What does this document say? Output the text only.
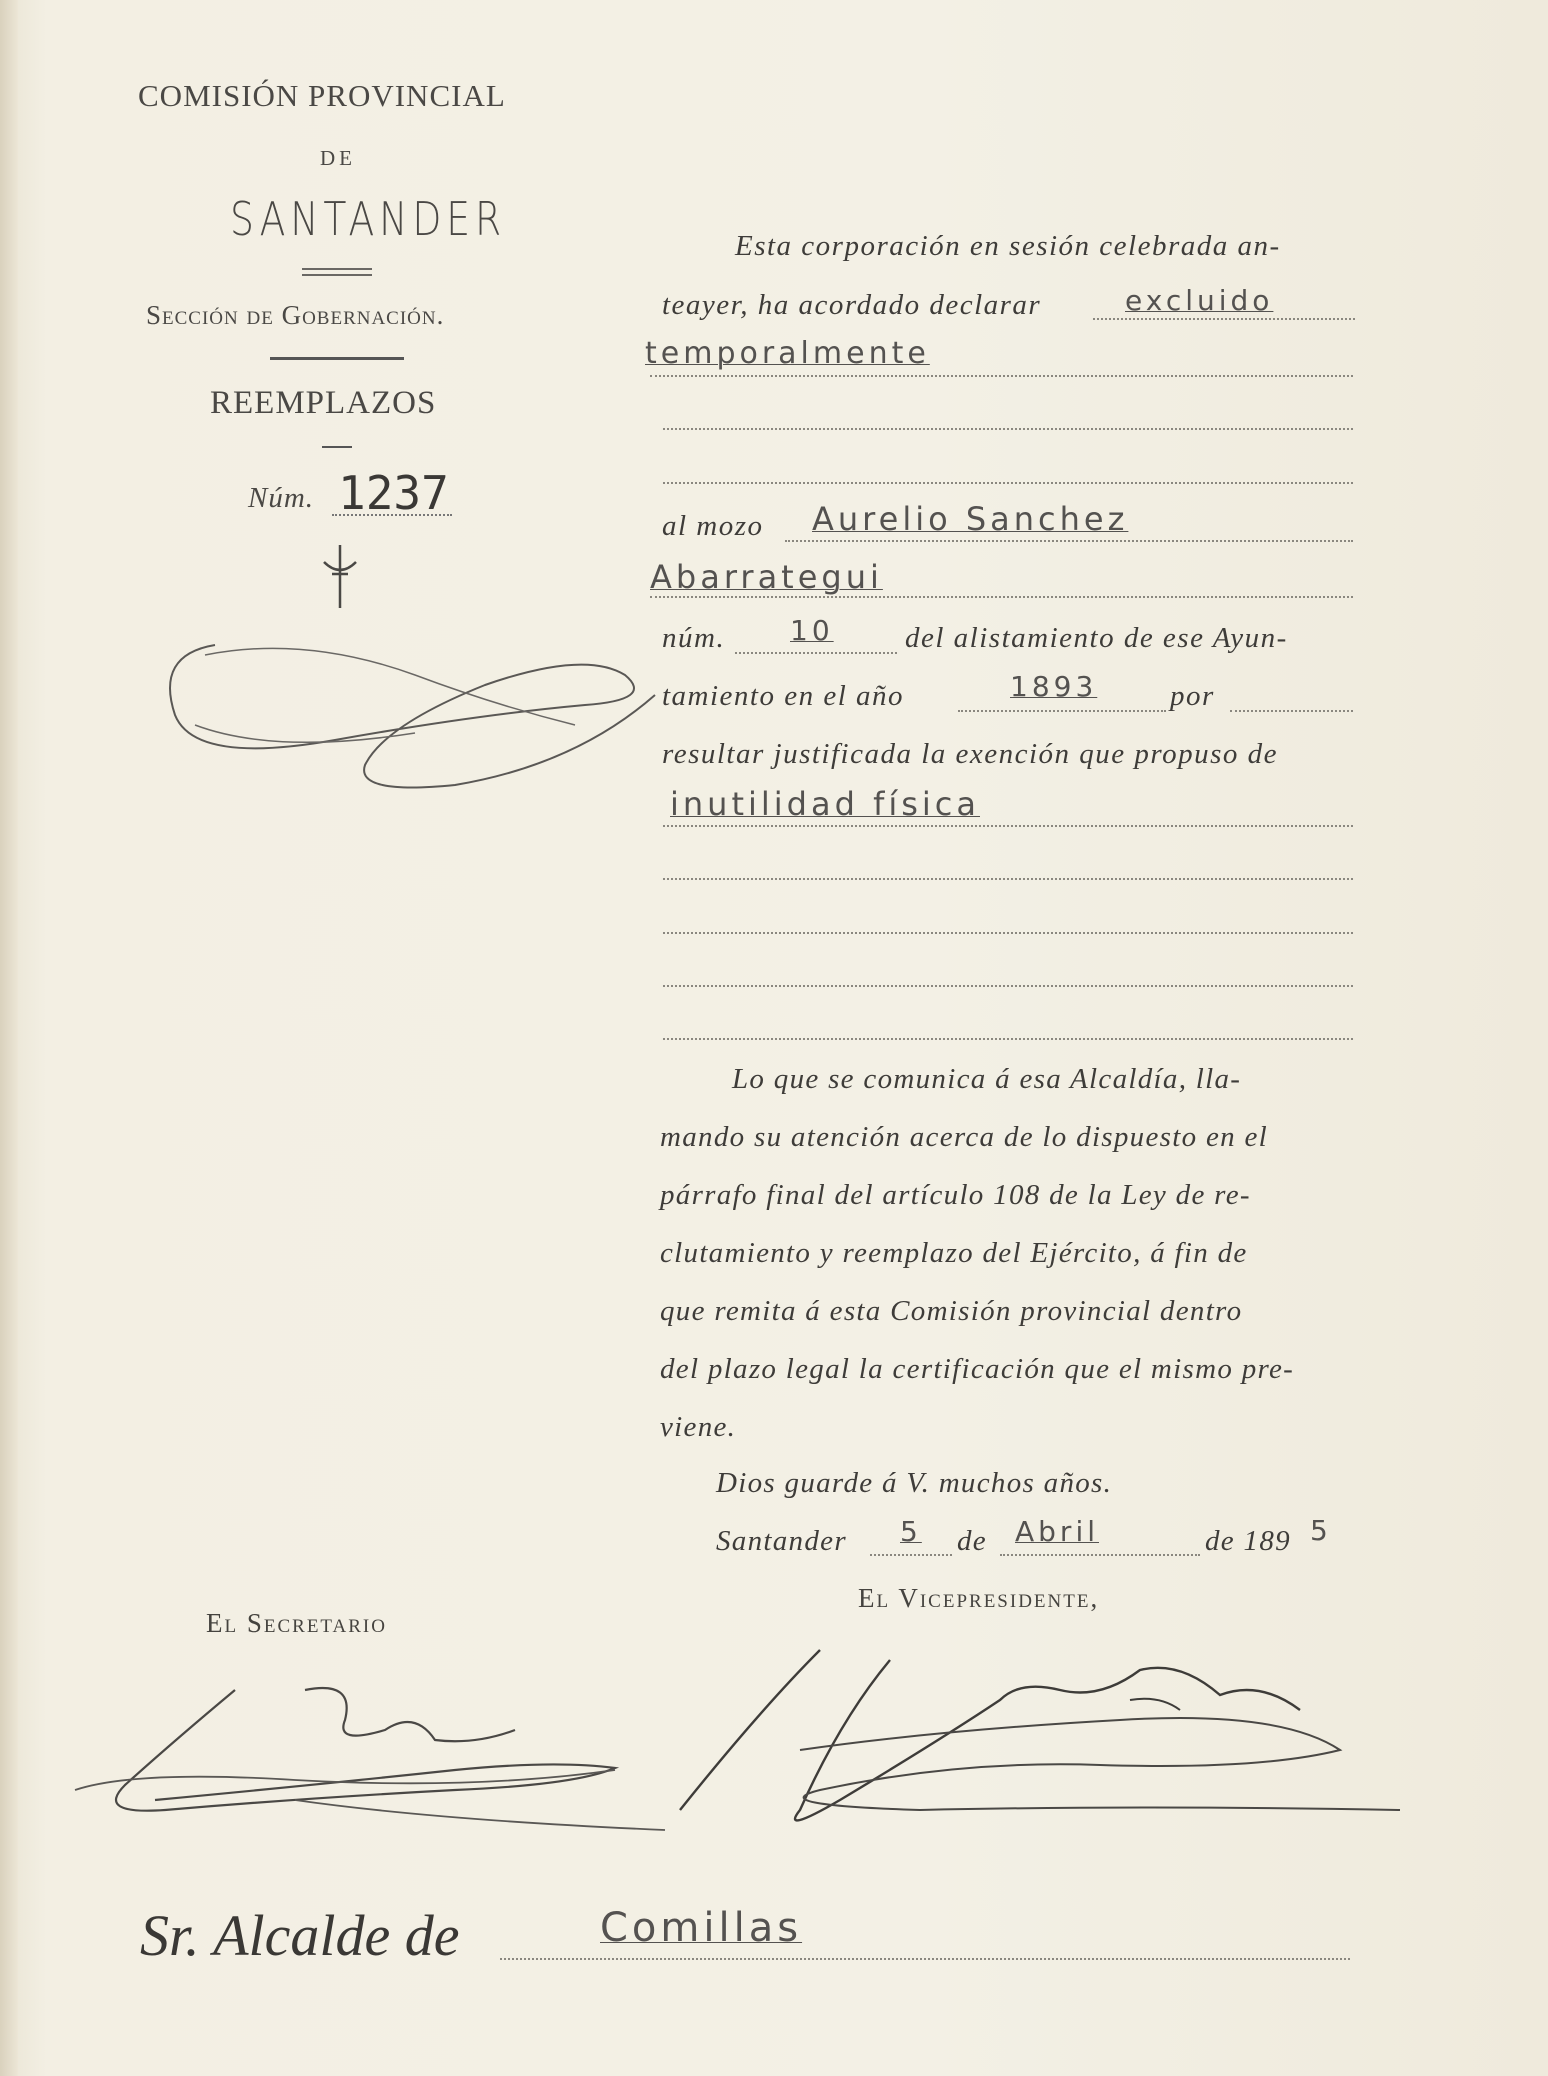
COMISIÓN PROVINCIAL
DE
SANTANDER
Sección de Gobernación.
REEMPLAZOS
Núm. 1237
Esta corporación en sesión celebrada an-
teayer, ha acordado declarar	excluido
temporalmente
al mozo Aurelio Sanchez
Abarrategui
núm. 10 del alistamiento de ese Ayun-
tamiento en el año	1893	por
resultar justificada la exención que propuso de
inutilidad física
Lo que se comunica á esa Alcaldía, lla-
mando su atención acerca de lo dispuesto en el
párrafo final del artículo 108 de la Ley de re-
clutamiento y reemplazo del Ejército, á fin de
que remita á esta Comisión provincial dentro
del plazo legal la certificación que el mismo pre-
viene.
Dios guarde á V. muchos años.
Santander 5 de Abril	de 189 5
El Vicepresidente,
El Secretario
Sr. Alcalde de	Comillas
